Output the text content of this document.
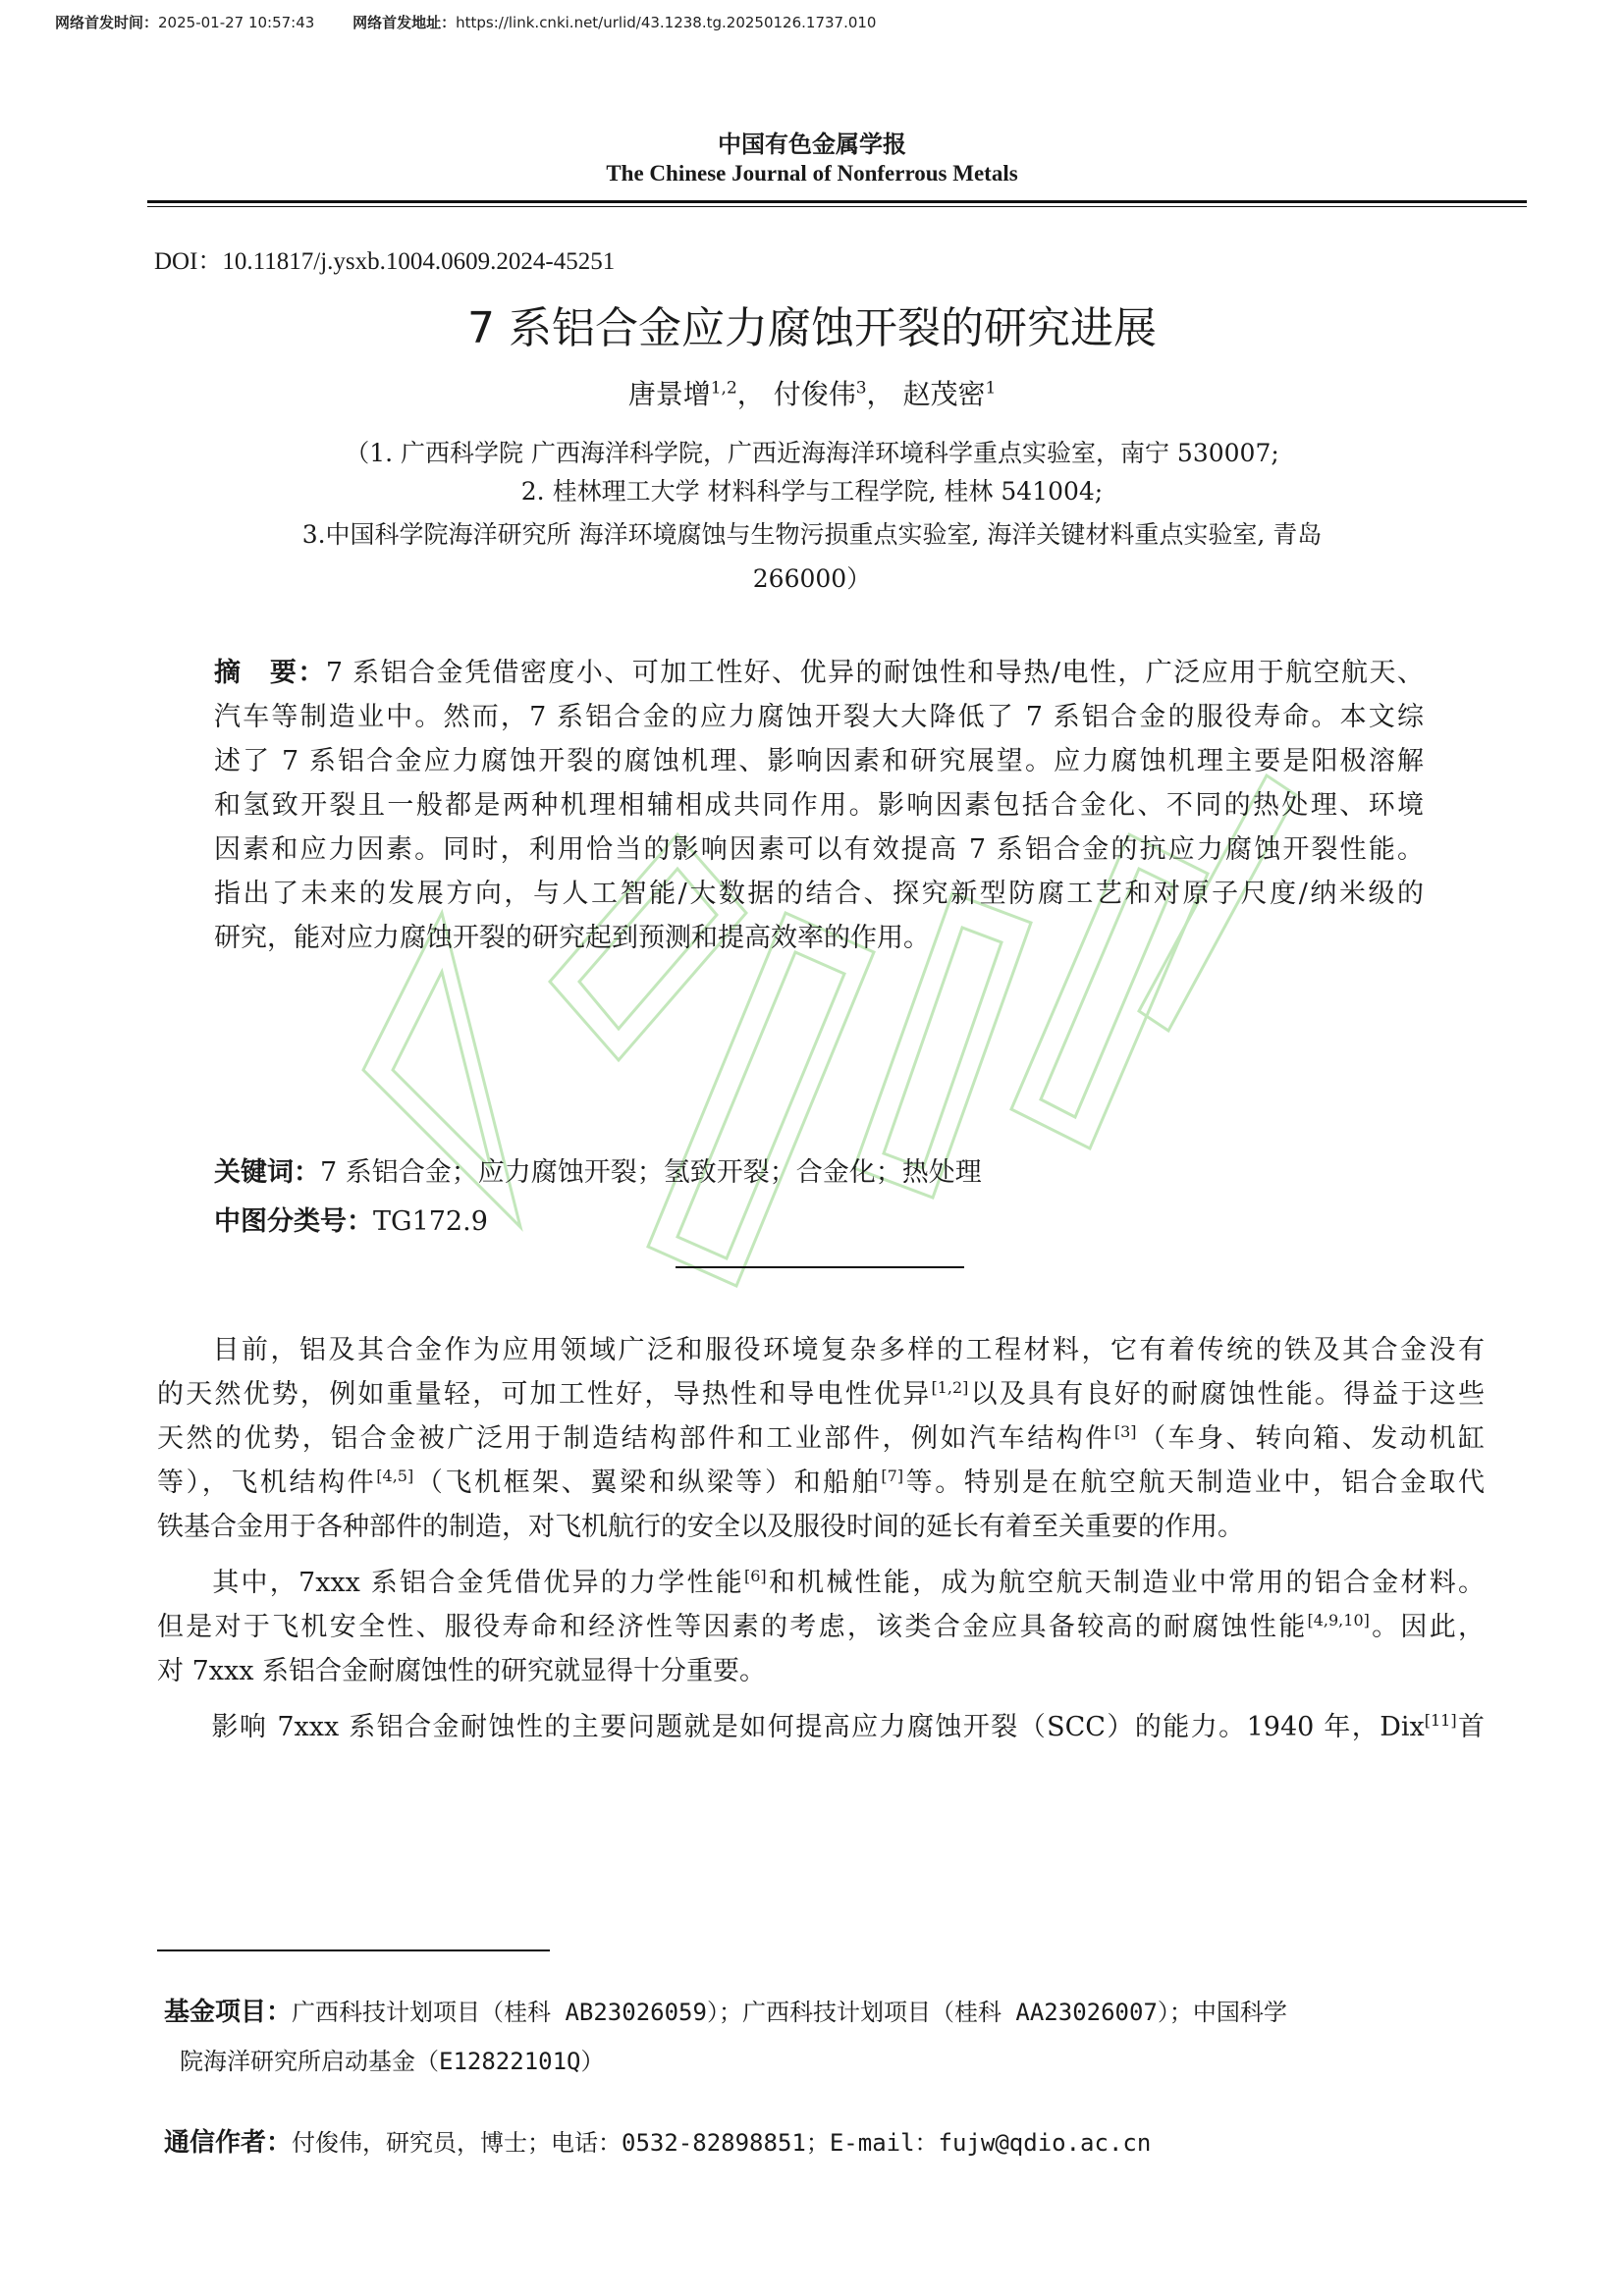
网络首发时间：2025-01-27 10:57:43	网络首发地址：https://link.cnki.net/urlid/43.1238.tg.20250126.1737.010
中国有色金属学报
The Chinese Journal of Nonferrous Metals
DOI：10.11817/j.ysxb.1004.0609.2024-45251
7 系铝合金应力腐蚀开裂的研究进展
唐景增$^{1,2}$， 付俊伟$^3$， 赵茂密$^1$
（1. 广西科学院 广西海洋科学院，广西近海海洋环境科学重点实验室，南宁 530007;
2. 桂林理工大学 材料科学与工程学院, 桂林 541004;
3.中国科学院海洋研究所 海洋环境腐蚀与生物污损重点实验室, 海洋关键材料重点实验室, 青岛
266000）
摘　要：7 系铝合金凭借密度小、可加工性好、优异的耐蚀性和导热/电性，广泛应用于航空航天、
汽车等制造业中。然而，7 系铝合金的应力腐蚀开裂大大降低了 7 系铝合金的服役寿命。本文综
述了 7 系铝合金应力腐蚀开裂的腐蚀机理、影响因素和研究展望。应力腐蚀机理主要是阳极溶解
和氢致开裂且一般都是两种机理相辅相成共同作用。影响因素包括合金化、不同的热处理、环境
因素和应力因素。同时，利用恰当的影响因素可以有效提高 7 系铝合金的抗应力腐蚀开裂性能。
指出了未来的发展方向，与人工智能/大数据的结合、探究新型防腐工艺和对原子尺度/纳米级的
研究，能对应力腐蚀开裂的研究起到预测和提高效率的作用。
关键词：7 系铝合金；应力腐蚀开裂；氢致开裂；合金化；热处理
中图分类号：TG172.9
目前，铝及其合金作为应用领域广泛和服役环境复杂多样的工程材料，它有着传统的铁及其合金没有
的天然优势，例如重量轻，可加工性好，导热性和导电性优异[1,2]以及具有良好的耐腐蚀性能。得益于这些
天然的优势，铝合金被广泛用于制造结构部件和工业部件，例如汽车结构件[3]（车身、转向箱、发动机缸
等），飞机结构件[4,5]（飞机框架、翼梁和纵梁等）和船舶[7]等。特别是在航空航天制造业中，铝合金取代
铁基合金用于各种部件的制造，对飞机航行的安全以及服役时间的延长有着至关重要的作用。
其中，7xxx 系铝合金凭借优异的力学性能[6]和机械性能，成为航空航天制造业中常用的铝合金材料。
但是对于飞机安全性、服役寿命和经济性等因素的考虑，该类合金应具备较高的耐腐蚀性能[4,9,10]。因此，
对 7xxx 系铝合金耐腐蚀性的研究就显得十分重要。
影响 7xxx 系铝合金耐蚀性的主要问题就是如何提高应力腐蚀开裂（SCC）的能力。1940 年，Dix[11]首
基金项目：广西科技计划项目（桂科 AB23026059）；广西科技计划项目（桂科 AA23026007）；中国科学
院海洋研究所启动基金（E12822101Q）
通信作者：付俊伟，研究员，博士；电话：0532-82898851；E-mail：fujw@qdio.ac.cn
